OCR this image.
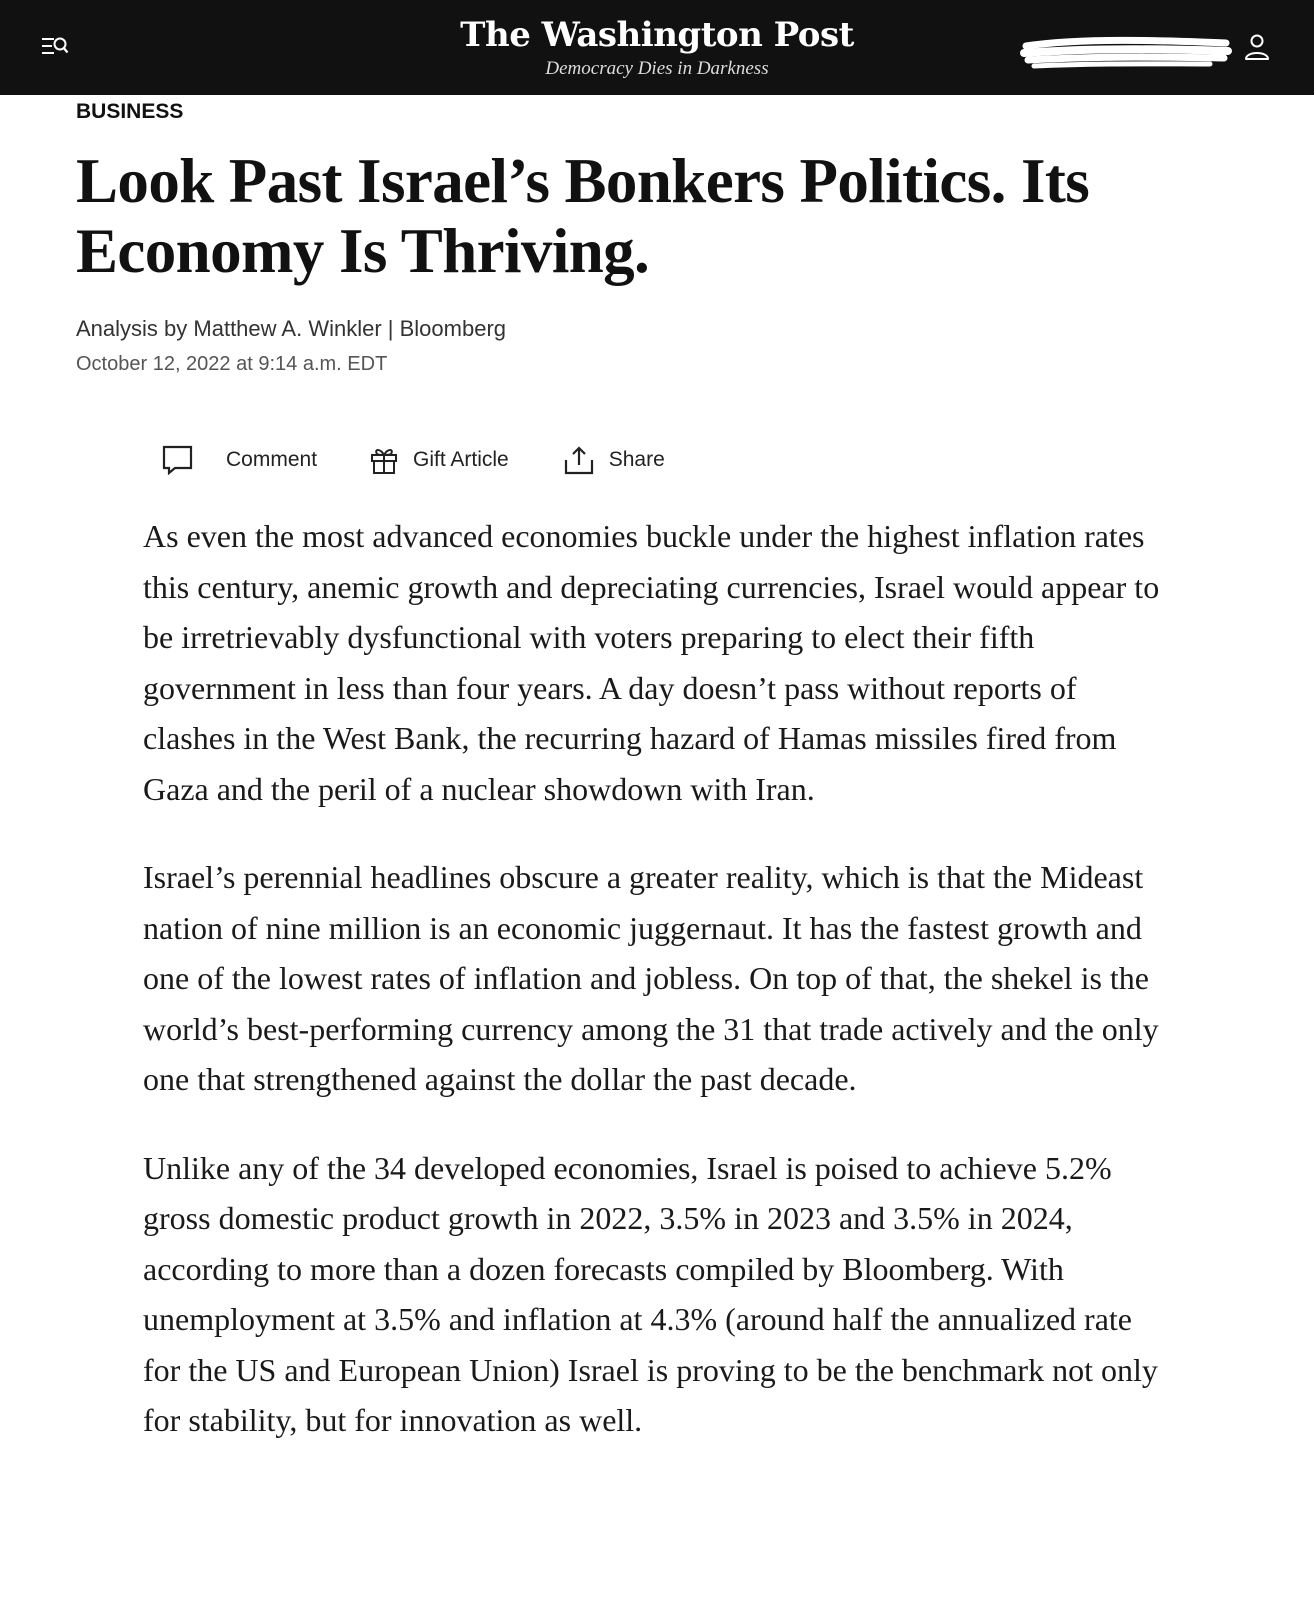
The Washington Post
Democracy Dies in Darkness
BUSINESS
Look Past Israel’s Bonkers Politics. Its Economy Is Thriving.
Analysis by Matthew A. Winkler | Bloomberg
October 12, 2022 at 9:14 a.m. EDT
Comment	Gift Article	Share

As even the most advanced economies buckle under the highest inflation rates this century, anemic growth and depreciating currencies, Israel would appear to be irretrievably dysfunctional with voters preparing to elect their fifth government in less than four years. A day doesn’t pass without reports of clashes in the West Bank, the recurring hazard of Hamas missiles fired from Gaza and the peril of a nuclear showdown with Iran.

Israel’s perennial headlines obscure a greater reality, which is that the Mideast nation of nine million is an economic juggernaut. It has the fastest growth and one of the lowest rates of inflation and jobless. On top of that, the shekel is the world’s best-performing currency among the 31 that trade actively and the only one that strengthened against the dollar the past decade.

Unlike any of the 34 developed economies, Israel is poised to achieve 5.2% gross domestic product growth in 2022, 3.5% in 2023 and 3.5% in 2024, according to more than a dozen forecasts compiled by Bloomberg. With unemployment at 3.5% and inflation at 4.3% (around half the annualized rate for the US and European Union) Israel is proving to be the benchmark not only for stability, but for innovation as well.
